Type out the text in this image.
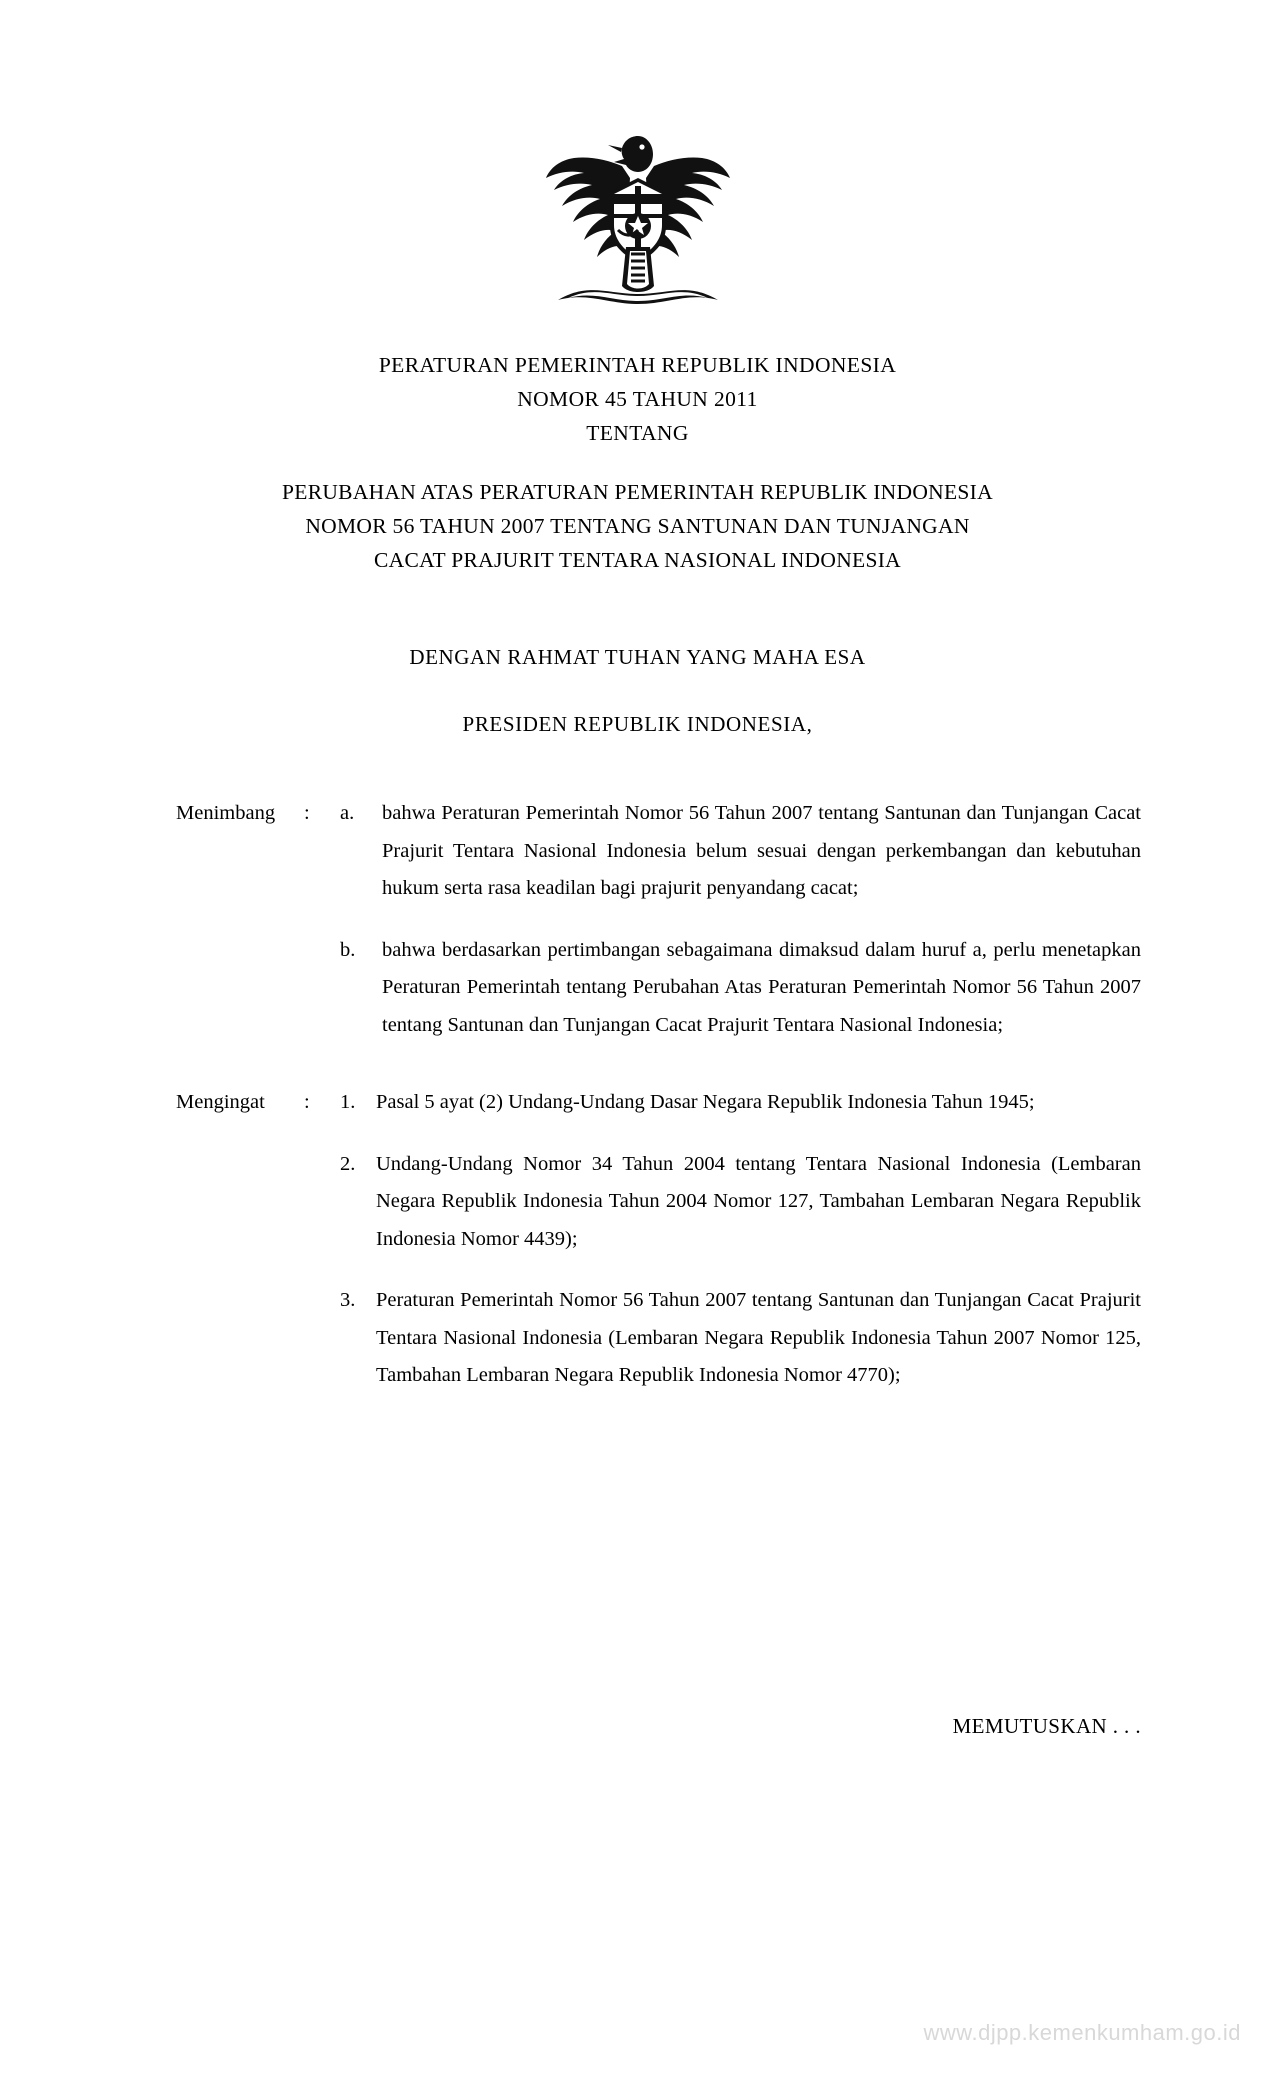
PERATURAN PEMERINTAH REPUBLIK INDONESIA
NOMOR 45 TAHUN 2011
TENTANG
PERUBAHAN ATAS PERATURAN PEMERINTAH REPUBLIK INDONESIA
NOMOR 56 TAHUN 2007 TENTANG SANTUNAN DAN TUNJANGAN
CACAT PRAJURIT TENTARA NASIONAL INDONESIA
DENGAN RAHMAT TUHAN YANG MAHA ESA
PRESIDEN REPUBLIK INDONESIA,
Menimbang	:	a.	bahwa Peraturan Pemerintah Nomor 56 Tahun 2007 tentang Santunan dan Tunjangan Cacat Prajurit Tentara Nasional Indonesia belum sesuai dengan perkembangan dan kebutuhan hukum serta rasa keadilan bagi prajurit penyandang cacat;
b.	bahwa berdasarkan pertimbangan sebagaimana dimaksud dalam huruf a, perlu menetapkan Peraturan Pemerintah tentang Perubahan Atas Peraturan Pemerintah Nomor 56 Tahun 2007 tentang Santunan dan Tunjangan Cacat Prajurit Tentara Nasional Indonesia;
Mengingat	:	1.	Pasal 5 ayat (2) Undang-Undang Dasar Negara Republik Indonesia Tahun 1945;
2.	Undang-Undang Nomor 34 Tahun 2004 tentang Tentara Nasional Indonesia (Lembaran Negara Republik Indonesia Tahun 2004 Nomor 127, Tambahan Lembaran Negara Republik Indonesia Nomor 4439);
3.	Peraturan Pemerintah Nomor 56 Tahun 2007 tentang Santunan dan Tunjangan Cacat Prajurit Tentara Nasional Indonesia (Lembaran Negara Republik Indonesia Tahun 2007 Nomor 125, Tambahan Lembaran Negara Republik Indonesia Nomor 4770);
MEMUTUSKAN . . .
www.djpp.kemenkumham.go.id
